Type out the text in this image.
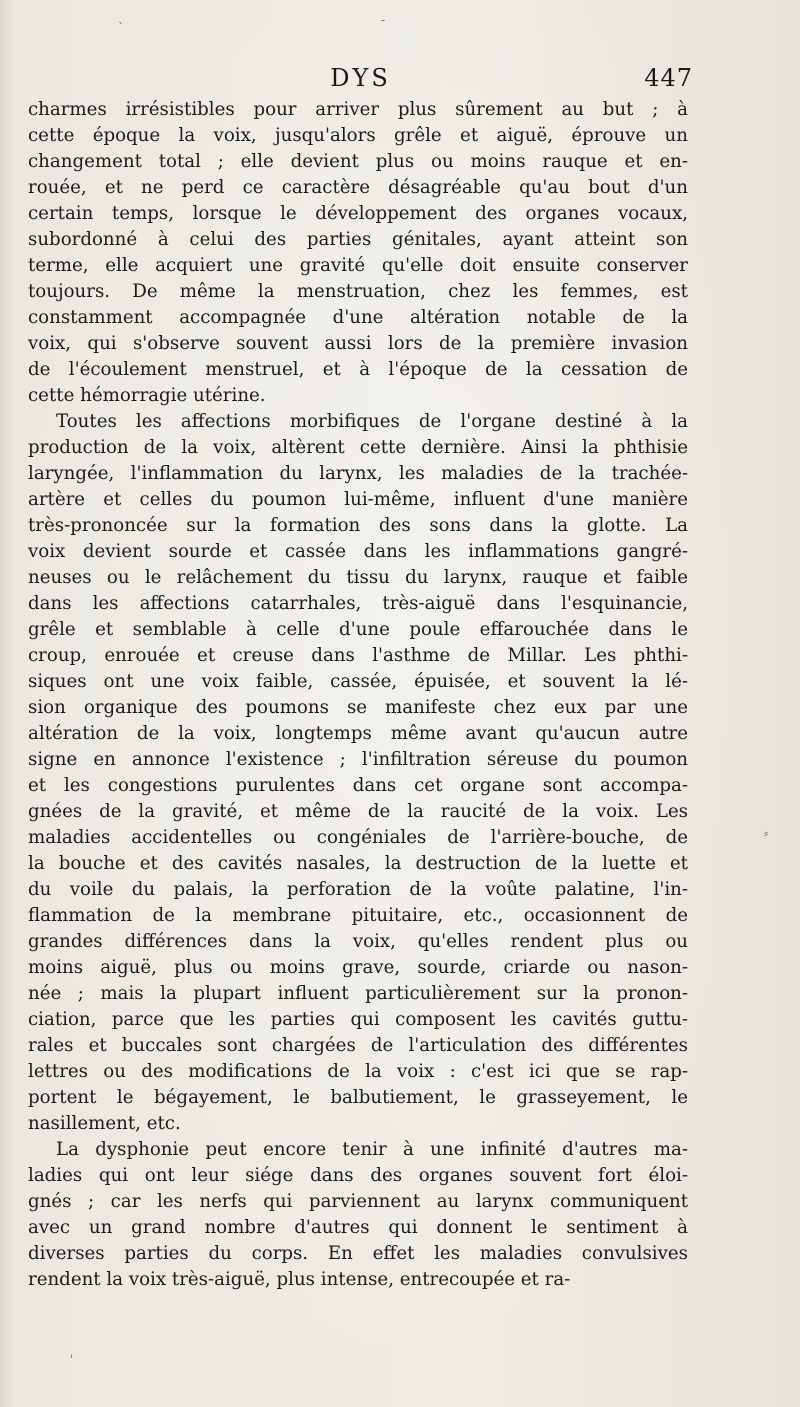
DYS	447
charmes irrésistibles pour arriver plus sûrement au but ; à
cette époque la voix, jusqu'alors grêle et aiguë, éprouve un
changement total ; elle devient plus ou moins rauque et en-
rouée, et ne perd ce caractère désagréable qu'au bout d'un
certain temps, lorsque le développement des organes vocaux,
subordonné à celui des parties génitales, ayant atteint son
terme, elle acquiert une gravité qu'elle doit ensuite conserver
toujours. De même la menstruation, chez les femmes, est
constamment accompagnée d'une altération notable de la
voix, qui s'observe souvent aussi lors de la première invasion
de l'écoulement menstruel, et à l'époque de la cessation de
cette hémorragie utérine.
Toutes les affections morbifiques de l'organe destiné à la
production de la voix, altèrent cette dernière. Ainsi la phthisie
laryngée, l'inflammation du larynx, les maladies de la trachée-
artère et celles du poumon lui-même, influent d'une manière
très-prononcée sur la formation des sons dans la glotte. La
voix devient sourde et cassée dans les inflammations gangré-
neuses ou le relâchement du tissu du larynx, rauque et faible
dans les affections catarrhales, très-aiguë dans l'esquinancie,
grêle et semblable à celle d'une poule effarouchée dans le
croup, enrouée et creuse dans l'asthme de Millar. Les phthi-
siques ont une voix faible, cassée, épuisée, et souvent la lé-
sion organique des poumons se manifeste chez eux par une
altération de la voix, longtemps même avant qu'aucun autre
signe en annonce l'existence ; l'infiltration séreuse du poumon
et les congestions purulentes dans cet organe sont accompa-
gnées de la gravité, et même de la raucité de la voix. Les
maladies accidentelles ou congéniales de l'arrière-bouche, de
la bouche et des cavités nasales, la destruction de la luette et
du voile du palais, la perforation de la voûte palatine, l'in-
flammation de la membrane pituitaire, etc., occasionnent de
grandes différences dans la voix, qu'elles rendent plus ou
moins aiguë, plus ou moins grave, sourde, criarde ou nason-
née ; mais la plupart influent particulièrement sur la pronon-
ciation, parce que les parties qui composent les cavités guttu-
rales et buccales sont chargées de l'articulation des différentes
lettres ou des modifications de la voix : c'est ici que se rap-
portent le bégayement, le balbutiement, le grasseyement, le
nasillement, etc.
La dysphonie peut encore tenir à une infinité d'autres ma-
ladies qui ont leur siége dans des organes souvent fort éloi-
gnés ; car les nerfs qui parviennent au larynx communiquent
avec un grand nombre d'autres qui donnent le sentiment à
diverses parties du corps. En effet les maladies convulsives
rendent la voix très-aiguë, plus intense, entrecoupée et ra-
ˎ	ˍ
⸗
ˌ
